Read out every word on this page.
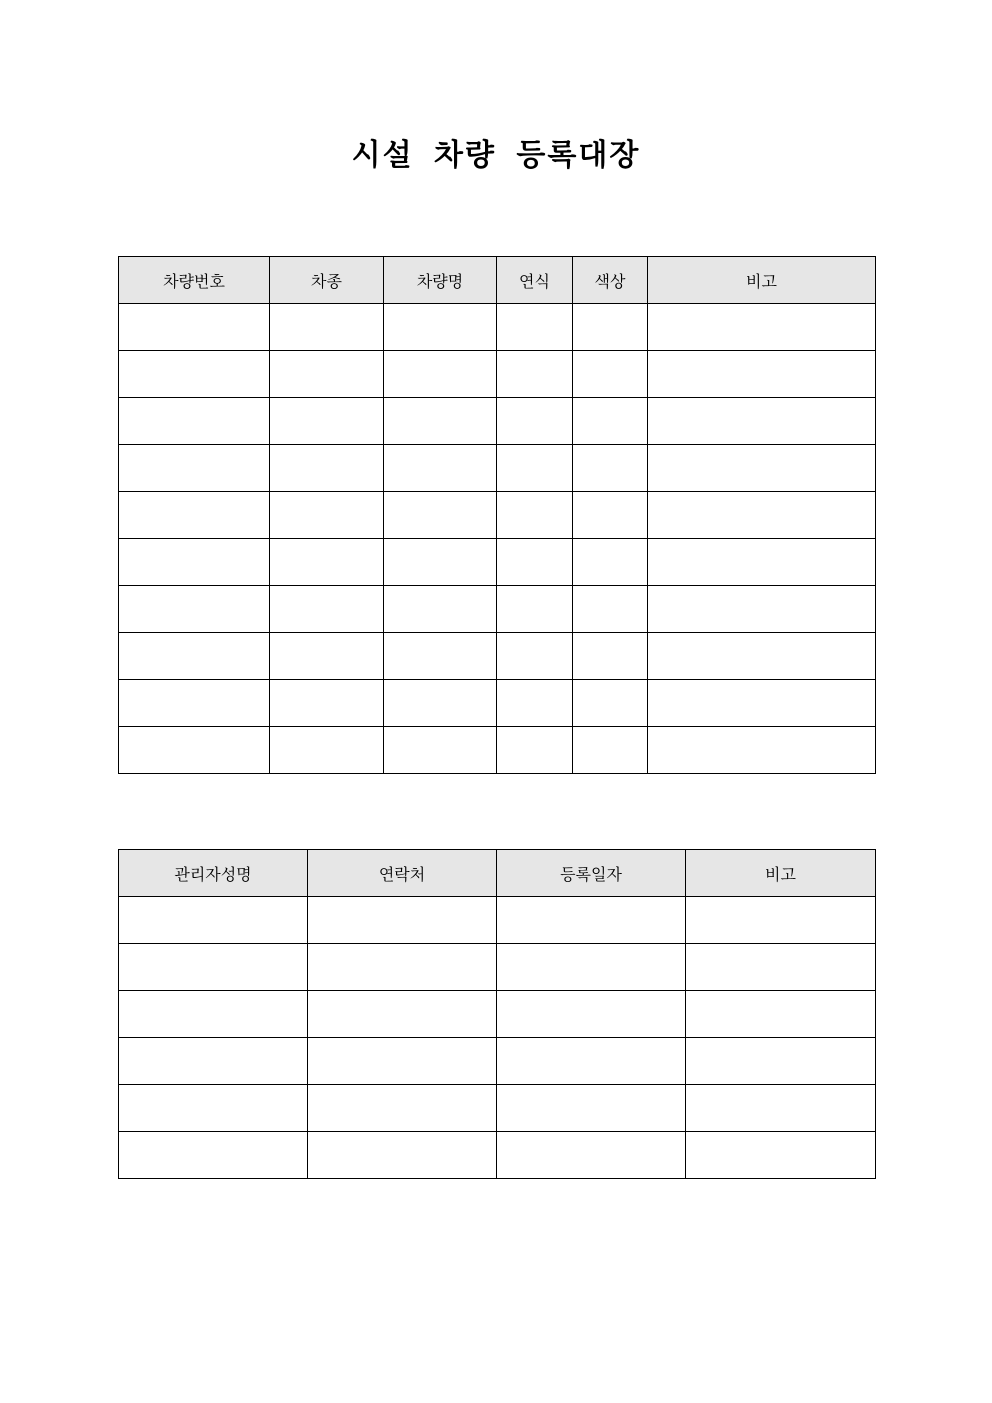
시설 차량 등록대장
차량번호	차종	차량명	연식	색상	비고

관리자성명	연락처	등록일자	비고
